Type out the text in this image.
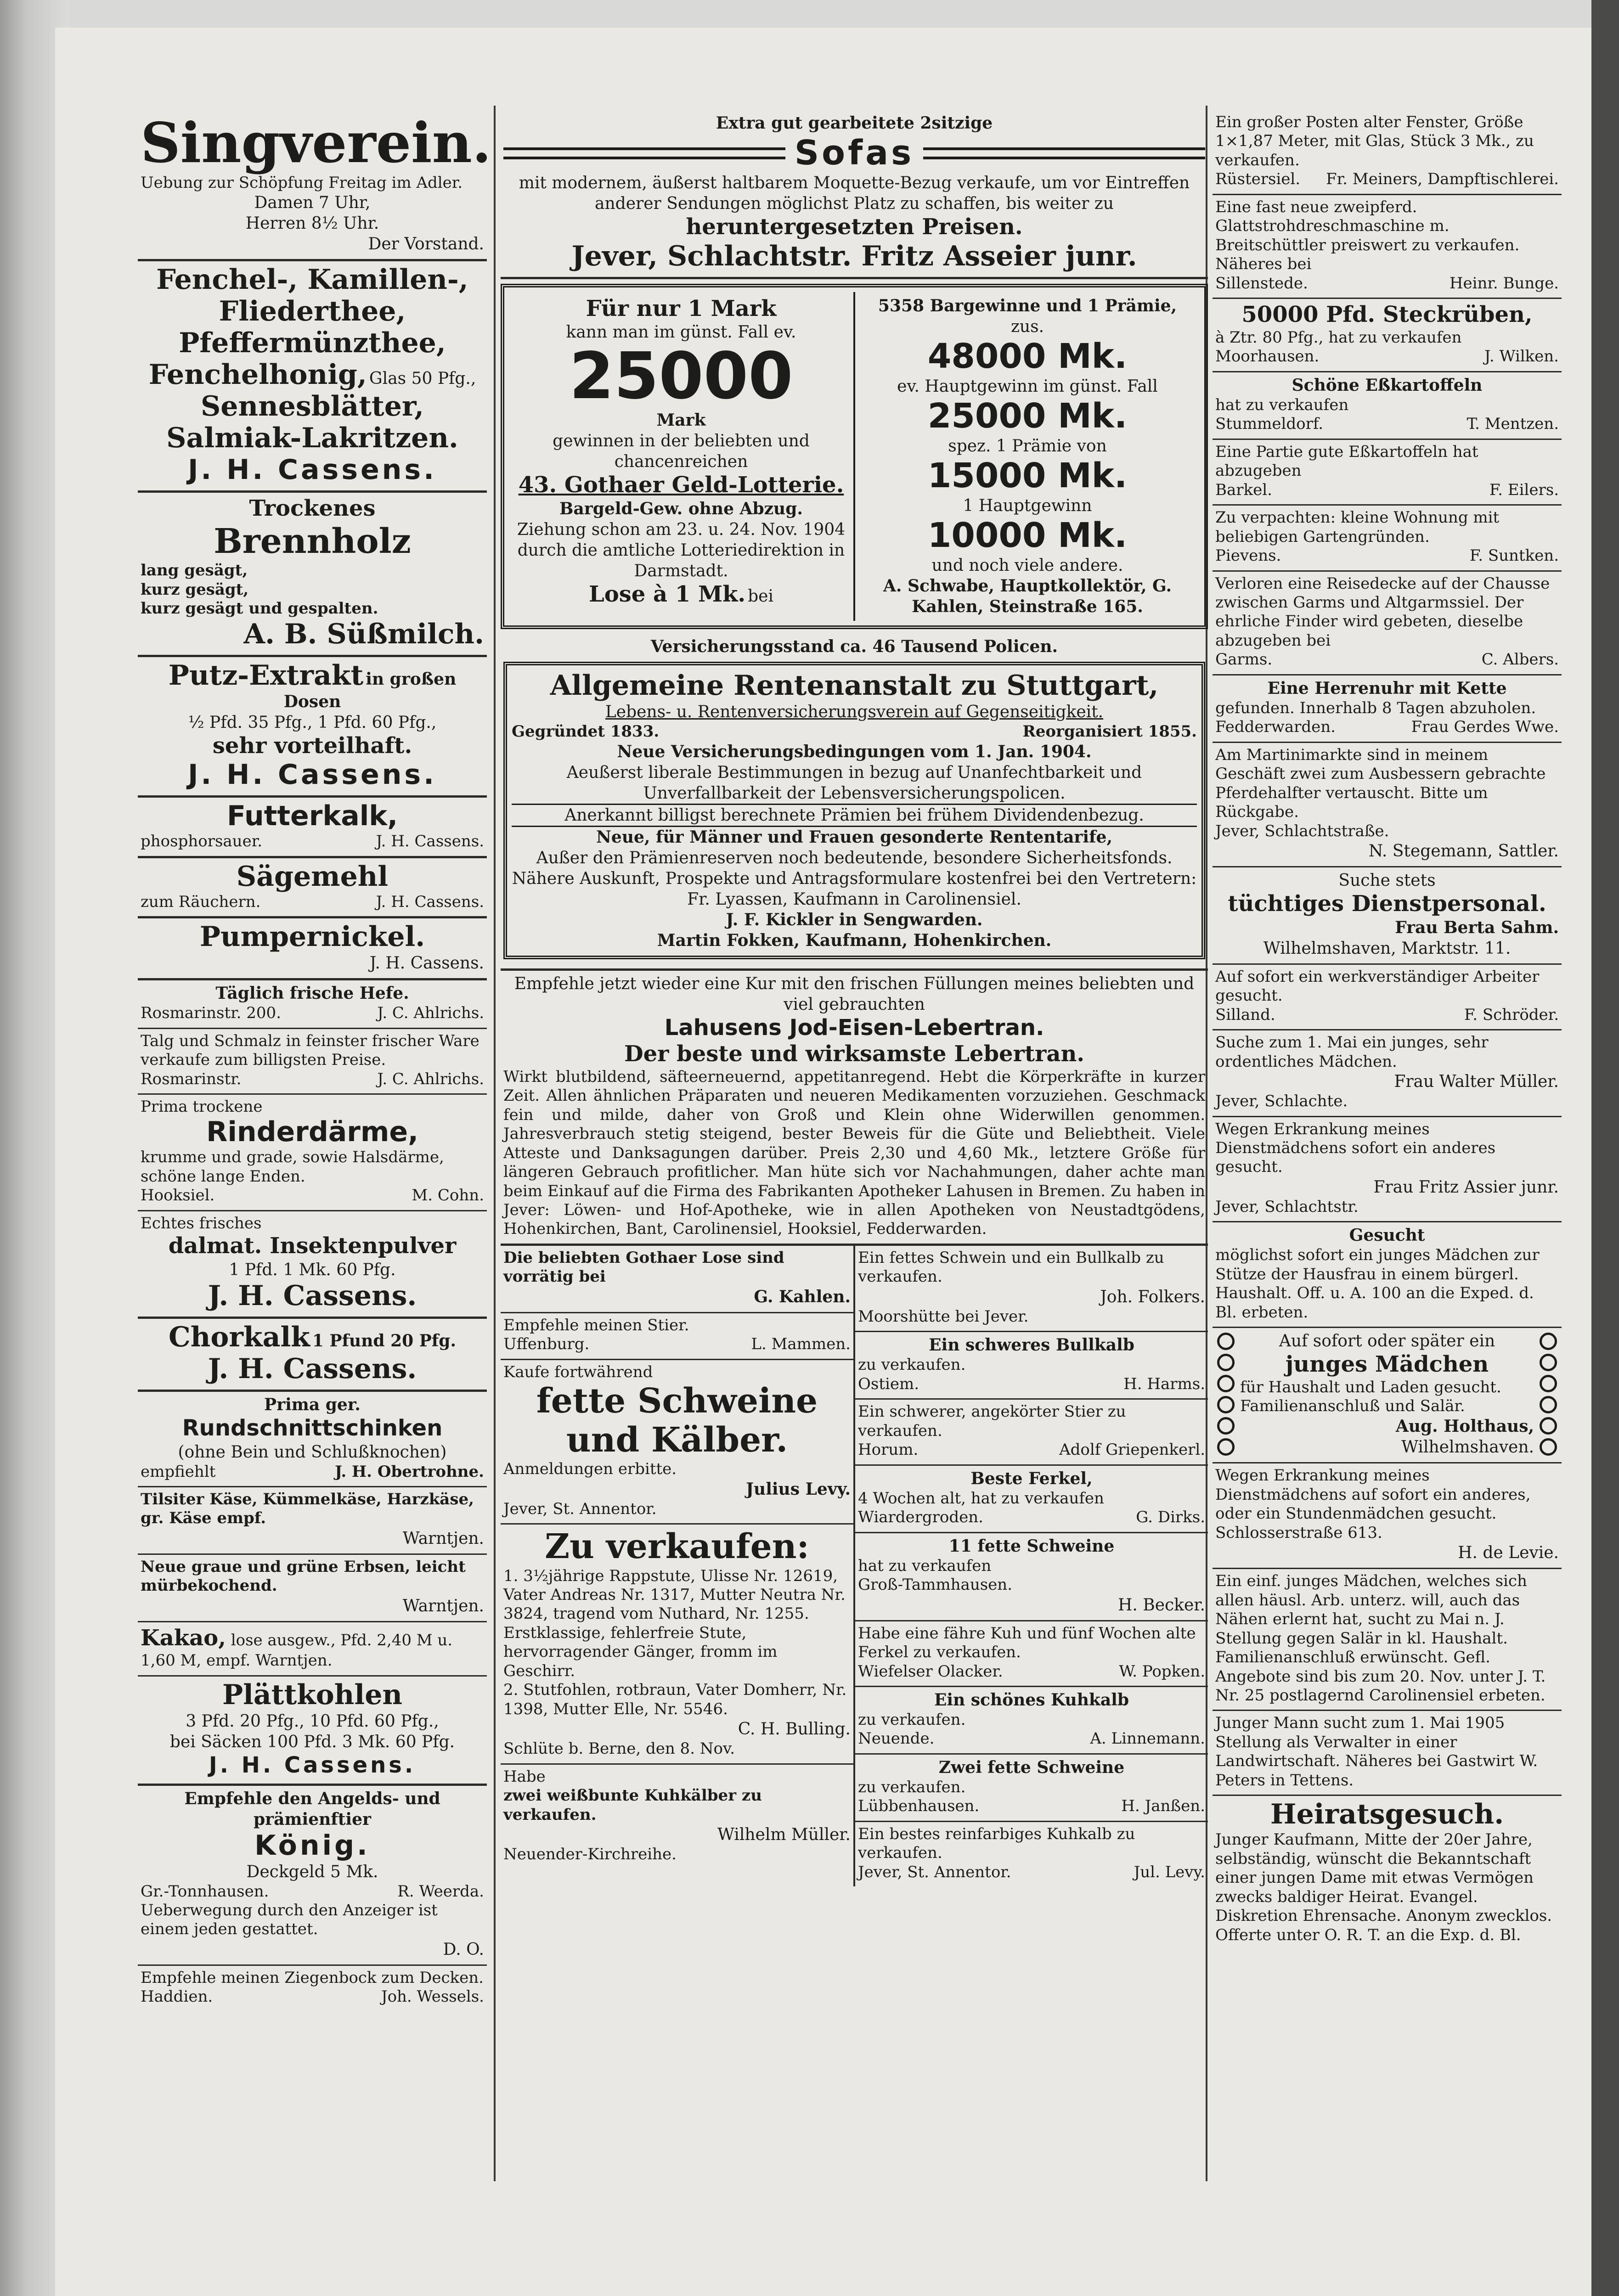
Singverein.
Uebung zur Schöpfung Freitag im Adler.
Damen 7 Uhr,
Herren 8½ Uhr.
Der Vorstand.
Fenchel-, Kamillen-,
Fliederthee,
Pfeffermünzthee,
Fenchelhonig, Glas 50 Pfg.,
Sennesblätter,
Salmiak-Lakritzen.
J. H. Cassens.
Trockenes
Brennholz
lang gesägt,
kurz gesägt,
kurz gesägt und gespalten.
A. B. Süßmilch.
Putz-Extrakt in großen Dosen
½ Pfd. 35 Pfg., 1 Pfd. 60 Pfg.,
sehr vorteilhaft.
J. H. Cassens.
Futterkalk,
phosphorsauer.	J. H. Cassens.
Sägemehl
zum Räuchern.	J. H. Cassens.
Pumpernickel.
J. H. Cassens.
Täglich frische Hefe.
Rosmarinstr. 200.	J. C. Ahlrichs.
Talg und Schmalz in feinster frischer Ware verkaufe zum billigsten Preise.
Rosmarinstr.	J. C. Ahlrichs.
Prima trockene
Rinderdärme,
krumme und grade, sowie Halsdärme, schöne lange Enden.
Hooksiel.	M. Cohn.
Echtes frisches
dalmat. Insektenpulver
1 Pfd. 1 Mk. 60 Pfg.
J. H. Cassens.
Chorkalk 1 Pfund 20 Pfg.
J. H. Cassens.
Prima ger.
Rundschnittschinken
(ohne Bein und Schlußknochen)
empfiehlt	J. H. Obertrohne.
Tilsiter Käse, Kümmelkäse, Harzkäse, gr. Käse empf.
Warntjen.
Neue graue und grüne Erbsen, leicht mürbekochend.
Warntjen.
Kakao, lose ausgew., Pfd. 2,40 M u. 1,60 M, empf. Warntjen.
Plättkohlen
3 Pfd. 20 Pfg., 10 Pfd. 60 Pfg.,
bei Säcken 100 Pfd. 3 Mk. 60 Pfg.
J. H. Cassens.
Empfehle den Angelds- und prämienftier
König.
Deckgeld 5 Mk.
Gr.-Tonnhausen.	R. Weerda.
Ueberwegung durch den Anzeiger ist einem jeden gestattet.
D. O.
Empfehle meinen Ziegenbock zum Decken.
Haddien.	Joh. Wessels.
Extra gut gearbeitete 2sitzige
Sofas
mit modernem, äußerst haltbarem Moquette-Bezug verkaufe, um vor Eintreffen anderer Sendungen möglichst Platz zu schaffen, bis weiter zu
heruntergesetzten Preisen.
Jever, Schlachtstr. Fritz Asseier junr.
Für nur 1 Mark
kann man im günst. Fall ev.
25000
Mark
gewinnen in der beliebten und chancenreichen
43. Gothaer Geld-Lotterie.
Bargeld-Gew. ohne Abzug.
Ziehung schon am 23. u. 24. Nov. 1904 durch die amtliche Lotteriedirektion in Darmstadt.
Lose à 1 Mk. bei
5358 Bargewinne und 1 Prämie,
zus.
48000 Mk.
ev. Hauptgewinn im günst. Fall
25000 Mk.
spez. 1 Prämie von
15000 Mk.
1 Hauptgewinn
10000 Mk.
und noch viele andere.
A. Schwabe, Hauptkollektör, G. Kahlen, Steinstraße 165.
Versicherungsstand ca. 46 Tausend Policen.
Allgemeine Rentenanstalt zu Stuttgart,
Lebens- u. Rentenversicherungsverein auf Gegenseitigkeit.
Gegründet 1833.	Reorganisiert 1855.
Neue Versicherungsbedingungen vom 1. Jan. 1904.
Aeußerst liberale Bestimmungen in bezug auf Unanfechtbarkeit und Unverfallbarkeit der Lebensversicherungspolicen.
Anerkannt billigst berechnete Prämien bei frühem Dividendenbezug.
Neue, für Männer und Frauen gesonderte Rententarife,
Außer den Prämienreserven noch bedeutende, besondere Sicherheitsfonds.
Nähere Auskunft, Prospekte und Antragsformulare kostenfrei bei den Vertretern: Fr. Lyassen, Kaufmann in Carolinensiel.
J. F. Kickler in Sengwarden.
Martin Fokken, Kaufmann, Hohenkirchen.
Empfehle jetzt wieder eine Kur mit den frischen Füllungen meines beliebten und viel gebrauchten
Lahusens Jod-Eisen-Lebertran.
Der beste und wirksamste Lebertran.
Wirkt blutbildend, säfteerneuernd, appetitanregend. Hebt die Körperkräfte in kurzer Zeit. Allen ähnlichen Präparaten und neueren Medikamenten vorzuziehen. Geschmack fein und milde, daher von Groß und Klein ohne Widerwillen genommen. Jahresverbrauch stetig steigend, bester Beweis für die Güte und Beliebtheit. Viele Atteste und Danksagungen darüber. Preis 2,30 und 4,60 Mk., letztere Größe für längeren Gebrauch profitlicher. Man hüte sich vor Nachahmungen, daher achte man beim Einkauf auf die Firma des Fabrikanten Apotheker Lahusen in Bremen. Zu haben in Jever: Löwen- und Hof-Apotheke, wie in allen Apotheken von Neustadtgödens, Hohenkirchen, Bant, Carolinensiel, Hooksiel, Fedderwarden.
Die beliebten Gothaer Lose sind vorrätig bei
G. Kahlen.
Empfehle meinen Stier.
Uffenburg.	L. Mammen.
Kaufe fortwährend
fette Schweine und Kälber.
Anmeldungen erbitte.
Julius Levy.
Jever, St. Annentor.
Zu verkaufen:
1. 3½jährige Rappstute, Ulisse Nr. 12619, Vater Andreas Nr. 1317, Mutter Neutra Nr. 3824, tragend vom Nuthard, Nr. 1255.
Erstklassige, fehlerfreie Stute, hervorragender Gänger, fromm im Geschirr.
2. Stutfohlen, rotbraun, Vater Domherr, Nr. 1398, Mutter Elle, Nr. 5546.
C. H. Bulling.
Schlüte b. Berne, den 8. Nov.
Habe
zwei weißbunte Kuhkälber zu verkaufen.
Wilhelm Müller.
Neuender-Kirchreihe.
Ein fettes Schwein und ein Bullkalb zu verkaufen.
Joh. Folkers.
Moorshütte bei Jever.
Ein schweres Bullkalb
zu verkaufen.
Ostiem.	H. Harms.
Ein schwerer, angekörter Stier zu verkaufen.
Horum.	Adolf Griepenkerl.
Beste Ferkel,
4 Wochen alt, hat zu verkaufen
Wiardergroden.	G. Dirks.
11 fette Schweine
hat zu verkaufen
Groß-Tammhausen.
H. Becker.
Habe eine fähre Kuh und fünf Wochen alte Ferkel zu verkaufen.
Wiefelser Olacker.	W. Popken.
Ein schönes Kuhkalb
zu verkaufen.
Neuende.	A. Linnemann.
Zwei fette Schweine
zu verkaufen.
Lübbenhausen.	H. Janßen.
Ein bestes reinfarbiges Kuhkalb zu verkaufen.
Jever, St. Annentor.	Jul. Levy.
Ein großer Posten alter Fenster, Größe 1×1,87 Meter, mit Glas, Stück 3 Mk., zu verkaufen.
Rüstersiel. Fr. Meiners, Dampftischlerei.
Eine fast neue zweipferd. Glattstrohdreschmaschine m. Breitschüttler preiswert zu verkaufen.
Näheres bei
Sillenstede.	Heinr. Bunge.
50000 Pfd. Steckrüben,
à Ztr. 80 Pfg., hat zu verkaufen
Moorhausen.	J. Wilken.
Schöne Eßkartoffeln
hat zu verkaufen
Stummeldorf.	T. Mentzen.
Eine Partie gute Eßkartoffeln hat abzugeben
Barkel.	F. Eilers.
Zu verpachten: kleine Wohnung mit beliebigen Gartengründen.
Pievens.	F. Suntken.
Verloren eine Reisedecke auf der Chausse zwischen Garms und Altgarmssiel. Der ehrliche Finder wird gebeten, dieselbe abzugeben bei
Garms.	C. Albers.
Eine Herrenuhr mit Kette
gefunden. Innerhalb 8 Tagen abzuholen.
Fedderwarden.	Frau Gerdes Wwe.
Am Martinimarkte sind in meinem Geschäft zwei zum Ausbessern gebrachte Pferdehalfter vertauscht. Bitte um Rückgabe.
Jever, Schlachtstraße.
N. Stegemann, Sattler.
Suche stets
tüchtiges Dienstpersonal.
Frau Berta Sahm.
Wilhelmshaven, Marktstr. 11.
Auf sofort ein werkverständiger Arbeiter gesucht.
Silland.	F. Schröder.
Suche zum 1. Mai ein junges, sehr ordentliches Mädchen.
Frau Walter Müller.
Jever, Schlachte.
Wegen Erkrankung meines Dienstmädchens sofort ein anderes gesucht.
Frau Fritz Assier junr.
Jever, Schlachtstr.
Gesucht
möglichst sofort ein junges Mädchen zur Stütze der Hausfrau in einem bürgerl. Haushalt. Off. u. A. 100 an die Exped. d. Bl. erbeten.
Auf sofort oder später ein
junges Mädchen
für Haushalt und Laden gesucht. Familienanschluß und Salär.
Aug. Holthaus,
Wilhelmshaven.
Wegen Erkrankung meines Dienstmädchens auf sofort ein anderes, oder ein Stundenmädchen gesucht.
Schlosserstraße 613.
H. de Levie.
Ein einf. junges Mädchen, welches sich allen häusl. Arb. unterz. will, auch das Nähen erlernt hat, sucht zu Mai n. J. Stellung gegen Salär in kl. Haushalt. Familienanschluß erwünscht. Gefl. Angebote sind bis zum 20. Nov. unter J. T. Nr. 25 postlagernd Carolinensiel erbeten.
Junger Mann sucht zum 1. Mai 1905 Stellung als Verwalter in einer Landwirtschaft. Näheres bei Gastwirt W. Peters in Tettens.
Heiratsgesuch.
Junger Kaufmann, Mitte der 20er Jahre, selbständig, wünscht die Bekanntschaft einer jungen Dame mit etwas Vermögen zwecks baldiger Heirat. Evangel. Diskretion Ehrensache. Anonym zwecklos. Offerte unter O. R. T. an die Exp. d. Bl.
